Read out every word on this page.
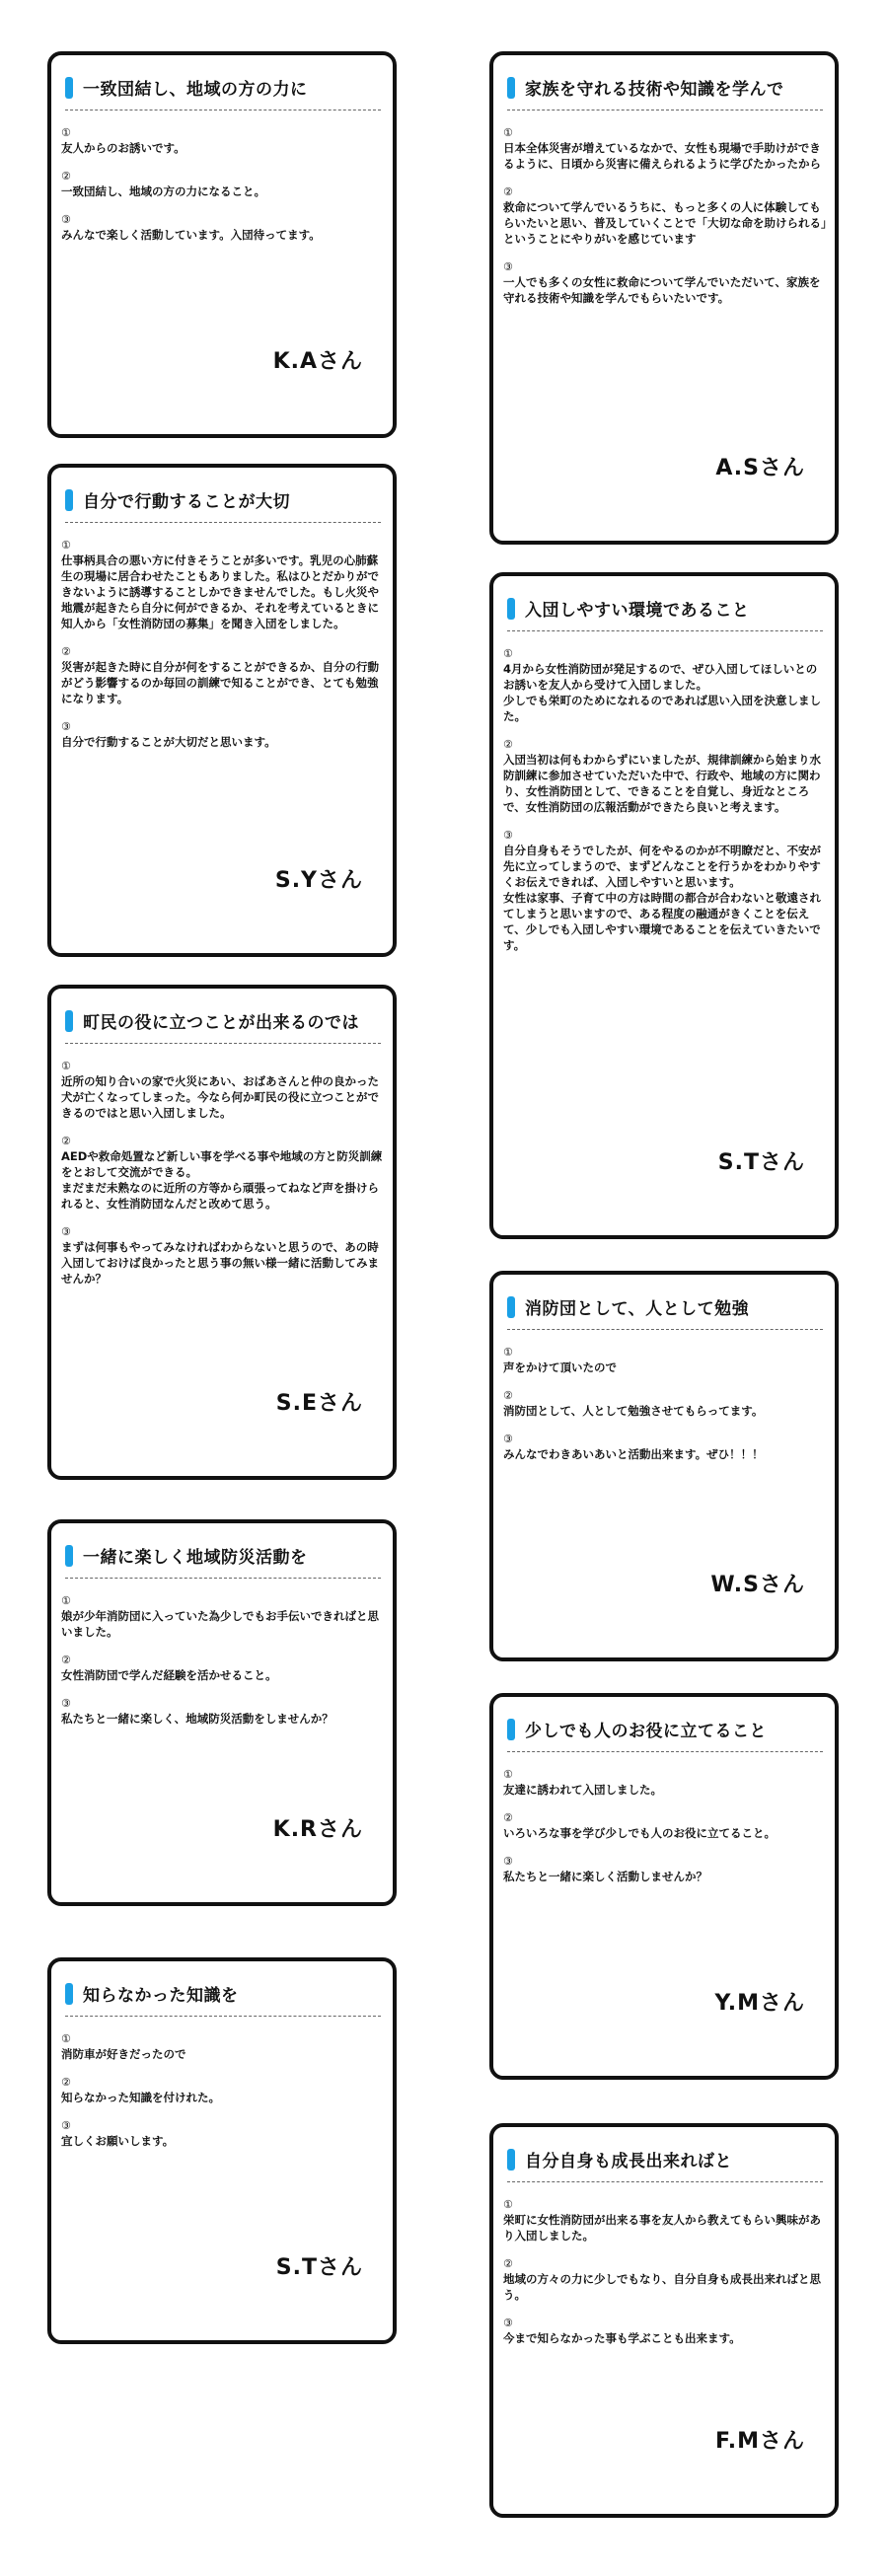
一致団結し、地域の方の力に
①
友人からのお誘いです。
②
一致団結し、地域の方の力になること。
③
みんなで楽しく活動しています。入団待ってます。
K.Aさん
家族を守れる技術や知識を学んで
①
日本全体災害が増えているなかで、女性も現場で手助けができるように、日頃から災害に備えられるように学びたかったから
②
救命について学んでいるうちに、もっと多くの人に体験してもらいたいと思い、普及していくことで「大切な命を助けられる」ということにやりがいを感じています
③
一人でも多くの女性に救命について学んでいただいて、家族を守れる技術や知識を学んでもらいたいです。
A.Sさん
自分で行動することが大切
①
仕事柄具合の悪い方に付きそうことが多いです。乳児の心肺蘇生の現場に居合わせたこともありました。私はひとだかりができないように誘導することしかできませんでした。もし火災や地震が起きたら自分に何ができるか、それを考えているときに知人から「女性消防団の募集」を聞き入団をしました。
②
災害が起きた時に自分が何をすることができるか、自分の行動がどう影響するのか毎回の訓練で知ることができ、とても勉強になります。
③
自分で行動することが大切だと思います。
S.Yさん
入団しやすい環境であること
①
4月から女性消防団が発足するので、ぜひ入団してほしいとのお誘いを友人から受けて入団しました。
少しでも栄町のためになれるのであれば思い入団を決意しました。
②
入団当初は何もわからずにいましたが、規律訓練から始まり水防訓練に参加させていただいた中で、行政や、地域の方に関わり、女性消防団として、できることを自覚し、身近なところで、女性消防団の広報活動ができたら良いと考えます。
③
自分自身もそうでしたが、何をやるのかが不明瞭だと、不安が先に立ってしまうので、まずどんなことを行うかをわかりやすくお伝えできれば、入団しやすいと思います。
女性は家事、子育て中の方は時間の都合が合わないと敬遠されてしまうと思いますので、ある程度の融通がきくことを伝えて、少しでも入団しやすい環境であることを伝えていきたいです。
S.Tさん
町民の役に立つことが出来るのでは
①
近所の知り合いの家で火災にあい、おばあさんと仲の良かった犬が亡くなってしまった。今なら何か町民の役に立つことができるのではと思い入団しました。
②
AEDや救命処置など新しい事を学べる事や地域の方と防災訓練をとおして交流ができる。
まだまだ未熟なのに近所の方等から頑張ってねなど声を掛けられると、女性消防団なんだと改めて思う。
③
まずは何事もやってみなければわからないと思うので、あの時入団しておけば良かったと思う事の無い様一緒に活動してみませんか？
S.Eさん
消防団として、人として勉強
①
声をかけて頂いたので
②
消防団として、人として勉強させてもらってます。
③
みんなでわきあいあいと活動出来ます。ぜひ！！！
W.Sさん
一緒に楽しく地域防災活動を
①
娘が少年消防団に入っていた為少しでもお手伝いできればと思いました。
②
女性消防団で学んだ経験を活かせること。
③
私たちと一緒に楽しく、地域防災活動をしませんか？
K.Rさん
少しでも人のお役に立てること
①
友達に誘われて入団しました。
②
いろいろな事を学び少しでも人のお役に立てること。
③
私たちと一緒に楽しく活動しませんか？
Y.Mさん
知らなかった知識を
①
消防車が好きだったので
②
知らなかった知識を付けれた。
③
宜しくお願いします。
S.Tさん
自分自身も成長出来ればと
①
栄町に女性消防団が出来る事を友人から教えてもらい興味があり入団しました。
②
地域の方々の力に少しでもなり、自分自身も成長出来ればと思う。
③
今まで知らなかった事も学ぶことも出来ます。
F.Mさん
